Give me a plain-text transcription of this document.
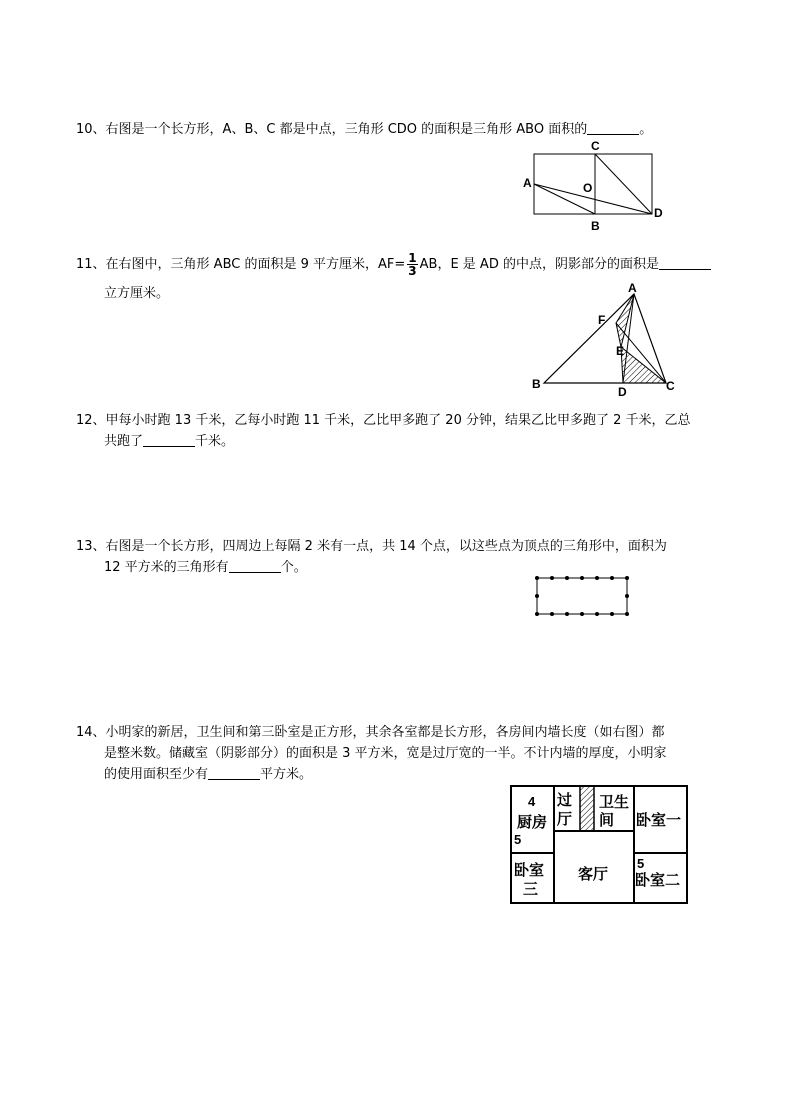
10、右图是一个长方形，A、B、C 都是中点，三角形 CDO 的面积是三角形 ABO 面积的	。
C
A	O
B
D
11、在右图中，三角形 ABC 的面积是 9 平方厘米，$AF= \frac{1}{3}$ AB，E 是 AD 的中点，阴影部分的面积是
立方厘米。	A
F
E
B
D	C
12、甲每小时跑 13 千米，乙每小时跑 11 千米，乙比甲多跑了 20 分钟，结果乙比甲多跑了 2 千米，乙总
共跑了	千米。
13、右图是一个长方形，四周边上每隔 2 米有一点，共 14 个点，以这些点为顶点的三角形中，面积为
12 平方米的三角形有	个。
14、小明家的新居，卫生间和第三卧室是正方形，其余各室都是长方形，各房间内墙长度（如右图）都
是整米数。储藏室（阴影部分）的面积是 3 平方米，宽是过厅宽的一半。不计内墙的厚度，小明家
的使用面积至少有	平方米。
4
厨房
5
过
厅
卫生
间 卧室一
卧室
三
客厅
5
卧室二
